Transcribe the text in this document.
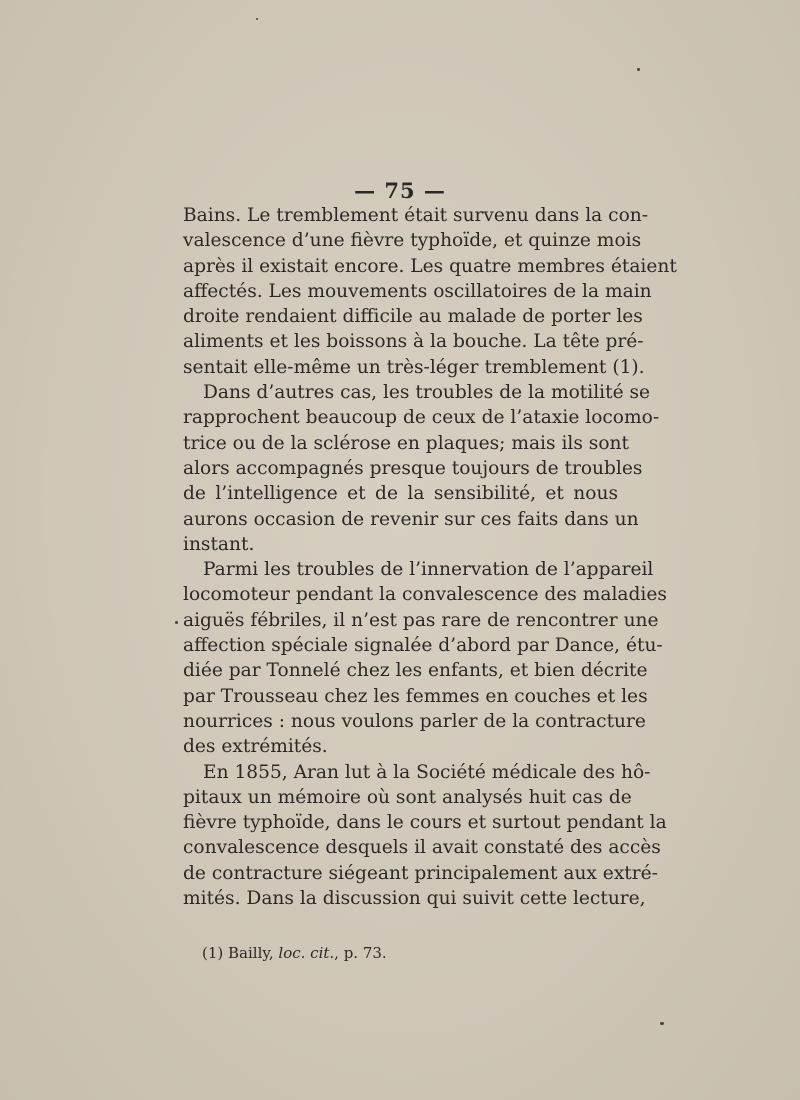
— 75 —
Bains. Le tremblement était survenu dans la con-
valescence d’une fièvre typhoïde, et quinze mois
après il existait encore. Les quatre membres étaient
affectés. Les mouvements oscillatoires de la main
droite rendaient difficile au malade de porter les
aliments et les boissons à la bouche. La tête pré-
sentait elle-même un très-léger tremblement (1).
Dans d’autres cas, les troubles de la motilité se
rapprochent beaucoup de ceux de l’ataxie locomo-
trice ou de la sclérose en plaques; mais ils sont
alors accompagnés presque toujours de troubles
de l’intelligence et de la sensibilité, et nous
aurons occasion de revenir sur ces faits dans un
instant.
Parmi les troubles de l’innervation de l’appareil
locomoteur pendant la convalescence des maladies
aiguës fébriles, il n’est pas rare de rencontrer une
affection spéciale signalée d’abord par Dance, étu-
diée par Tonnelé chez les enfants, et bien décrite
par Trousseau chez les femmes en couches et les
nourrices : nous voulons parler de la contracture
des extrémités.
En 1855, Aran lut à la Société médicale des hô-
pitaux un mémoire où sont analysés huit cas de
fièvre typhoïde, dans le cours et surtout pendant la
convalescence desquels il avait constaté des accès
de contracture siégeant principalement aux extré-
mités. Dans la discussion qui suivit cette lecture,
(1) Bailly, loc. cit., p. 73.
